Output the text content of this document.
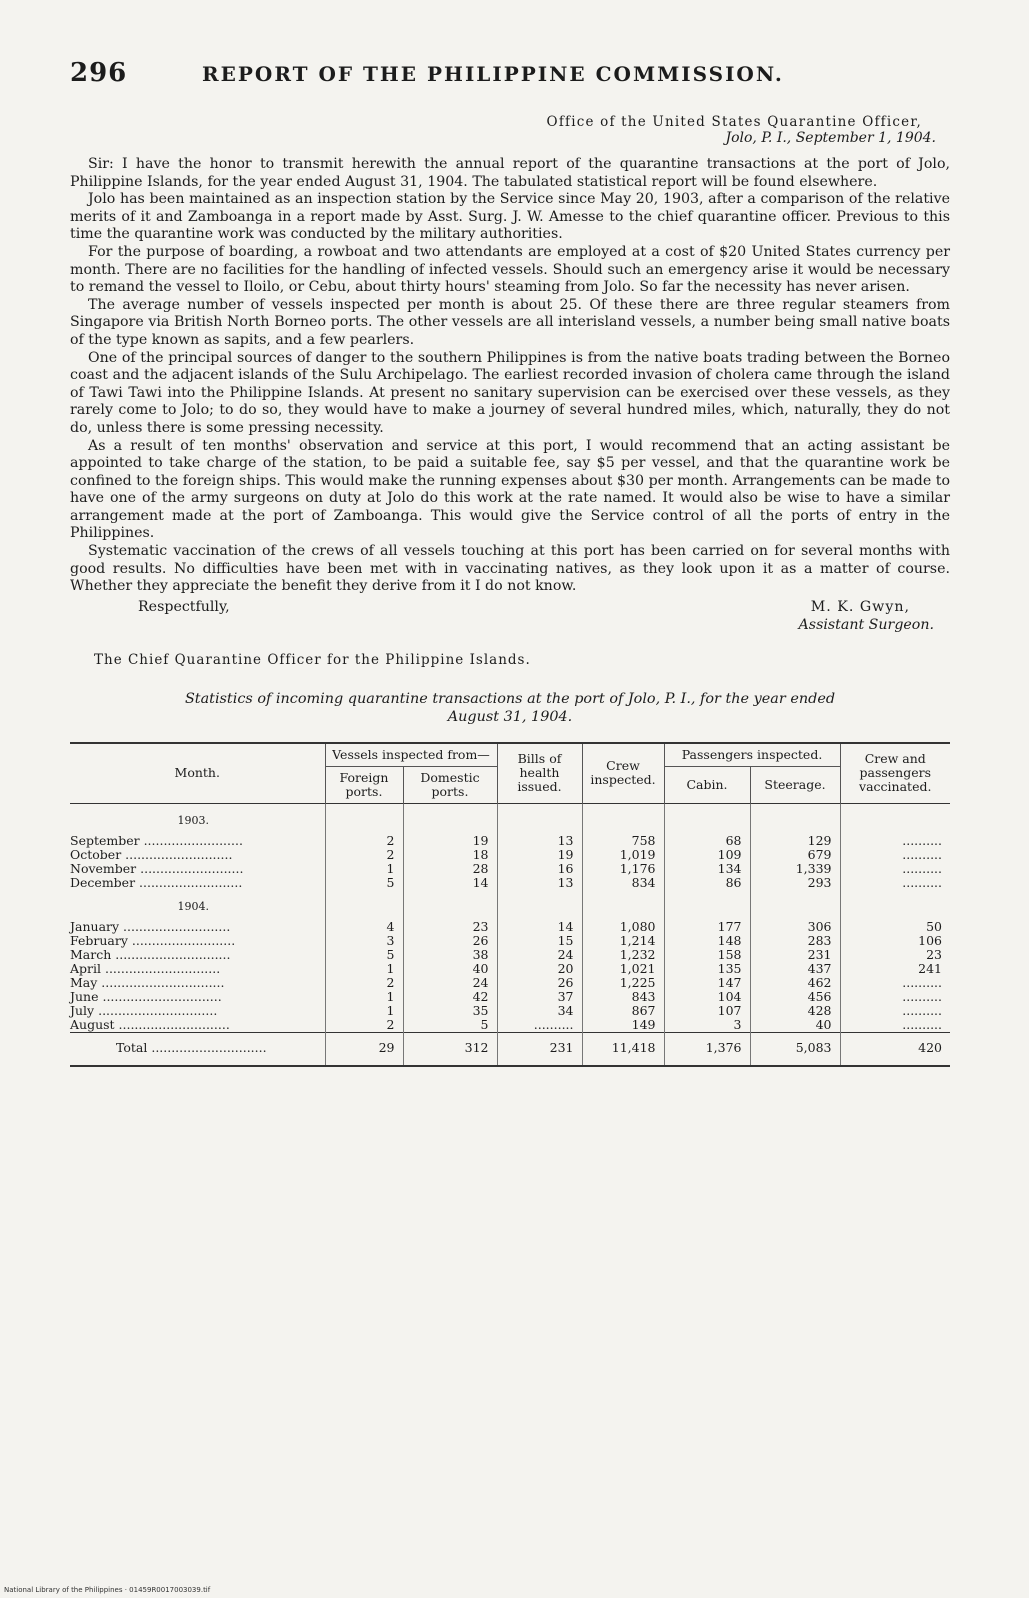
296	REPORT OF THE PHILIPPINE COMMISSION.
Office of the United States Quarantine Officer,
Jolo, P. I., September 1, 1904.

Sir: I have the honor to transmit herewith the annual report of the quarantine transactions at the port of Jolo, Philippine Islands, for the year ended August 31, 1904. The tabulated statistical report will be found elsewhere.

Jolo has been maintained as an inspection station by the Service since May 20, 1903, after a comparison of the relative merits of it and Zamboanga in a report made by Asst. Surg. J. W. Amesse to the chief quarantine officer. Previous to this time the quarantine work was conducted by the military authorities.

For the purpose of boarding, a rowboat and two attendants are employed at a cost of $20 United States currency per month. There are no facilities for the handling of infected vessels. Should such an emergency arise it would be necessary to remand the vessel to Iloilo, or Cebu, about thirty hours' steaming from Jolo. So far the necessity has never arisen.

The average number of vessels inspected per month is about 25. Of these there are three regular steamers from Singapore via British North Borneo ports. The other vessels are all interisland vessels, a number being small native boats of the type known as sapits, and a few pearlers.

One of the principal sources of danger to the southern Philippines is from the native boats trading between the Borneo coast and the adjacent islands of the Sulu Archipelago. The earliest recorded invasion of cholera came through the island of Tawi Tawi into the Philippine Islands. At present no sanitary supervision can be exercised over these vessels, as they rarely come to Jolo; to do so, they would have to make a journey of several hundred miles, which, naturally, they do not do, unless there is some pressing necessity.

As a result of ten months' observation and service at this port, I would recommend that an acting assistant be appointed to take charge of the station, to be paid a suitable fee, say $5 per vessel, and that the quarantine work be confined to the foreign ships. This would make the running expenses about $30 per month. Arrangements can be made to have one of the army surgeons on duty at Jolo do this work at the rate named. It would also be wise to have a similar arrangement made at the port of Zamboanga. This would give the Service control of all the ports of entry in the Philippines.

Systematic vaccination of the crews of all vessels touching at this port has been carried on for several months with good results. No difficulties have been met with in vaccinating natives, as they look upon it as a matter of course. Whether they appreciate the benefit they derive from it I do not know.

Respectfully,	M. K. Gwyn,
Assistant Surgeon.
The Chief Quarantine Officer for the Philippine Islands.
Statistics of incoming quarantine transactions at the port of Jolo, P. I., for the year ended
August 31, 1904.
Month.	Vessels inspected from—		Bills of health issued.	Crew inspected.	Passengers inspected.		Crew and passengers vaccinated.
	Foreign ports.	Domestic ports.			Cabin.	Steerage.	
1903.							
September .........................	2	19	13	758	68	129	..........
October ...........................	2	18	19	1,019	109	679	..........
November ..........................	1	28	16	1,176	134	1,339	..........
December ..........................	5	14	13	834	86	293	..........
1904.							
January ...........................	4	23	14	1,080	177	306	50
February ..........................	3	26	15	1,214	148	283	106
March .............................	5	38	24	1,232	158	231	23
April .............................	1	40	20	1,021	135	437	241
May ...............................	2	24	26	1,225	147	462	..........
June ..............................	1	42	37	843	104	456	..........
July ..............................	1	35	34	867	107	428	..........
August ............................	2	5	..........	149	3	40	..........
Total .............................	29	312	231	11,418	1,376	5,083	420
National Library of the Philippines · 01459R0017003039.tif
